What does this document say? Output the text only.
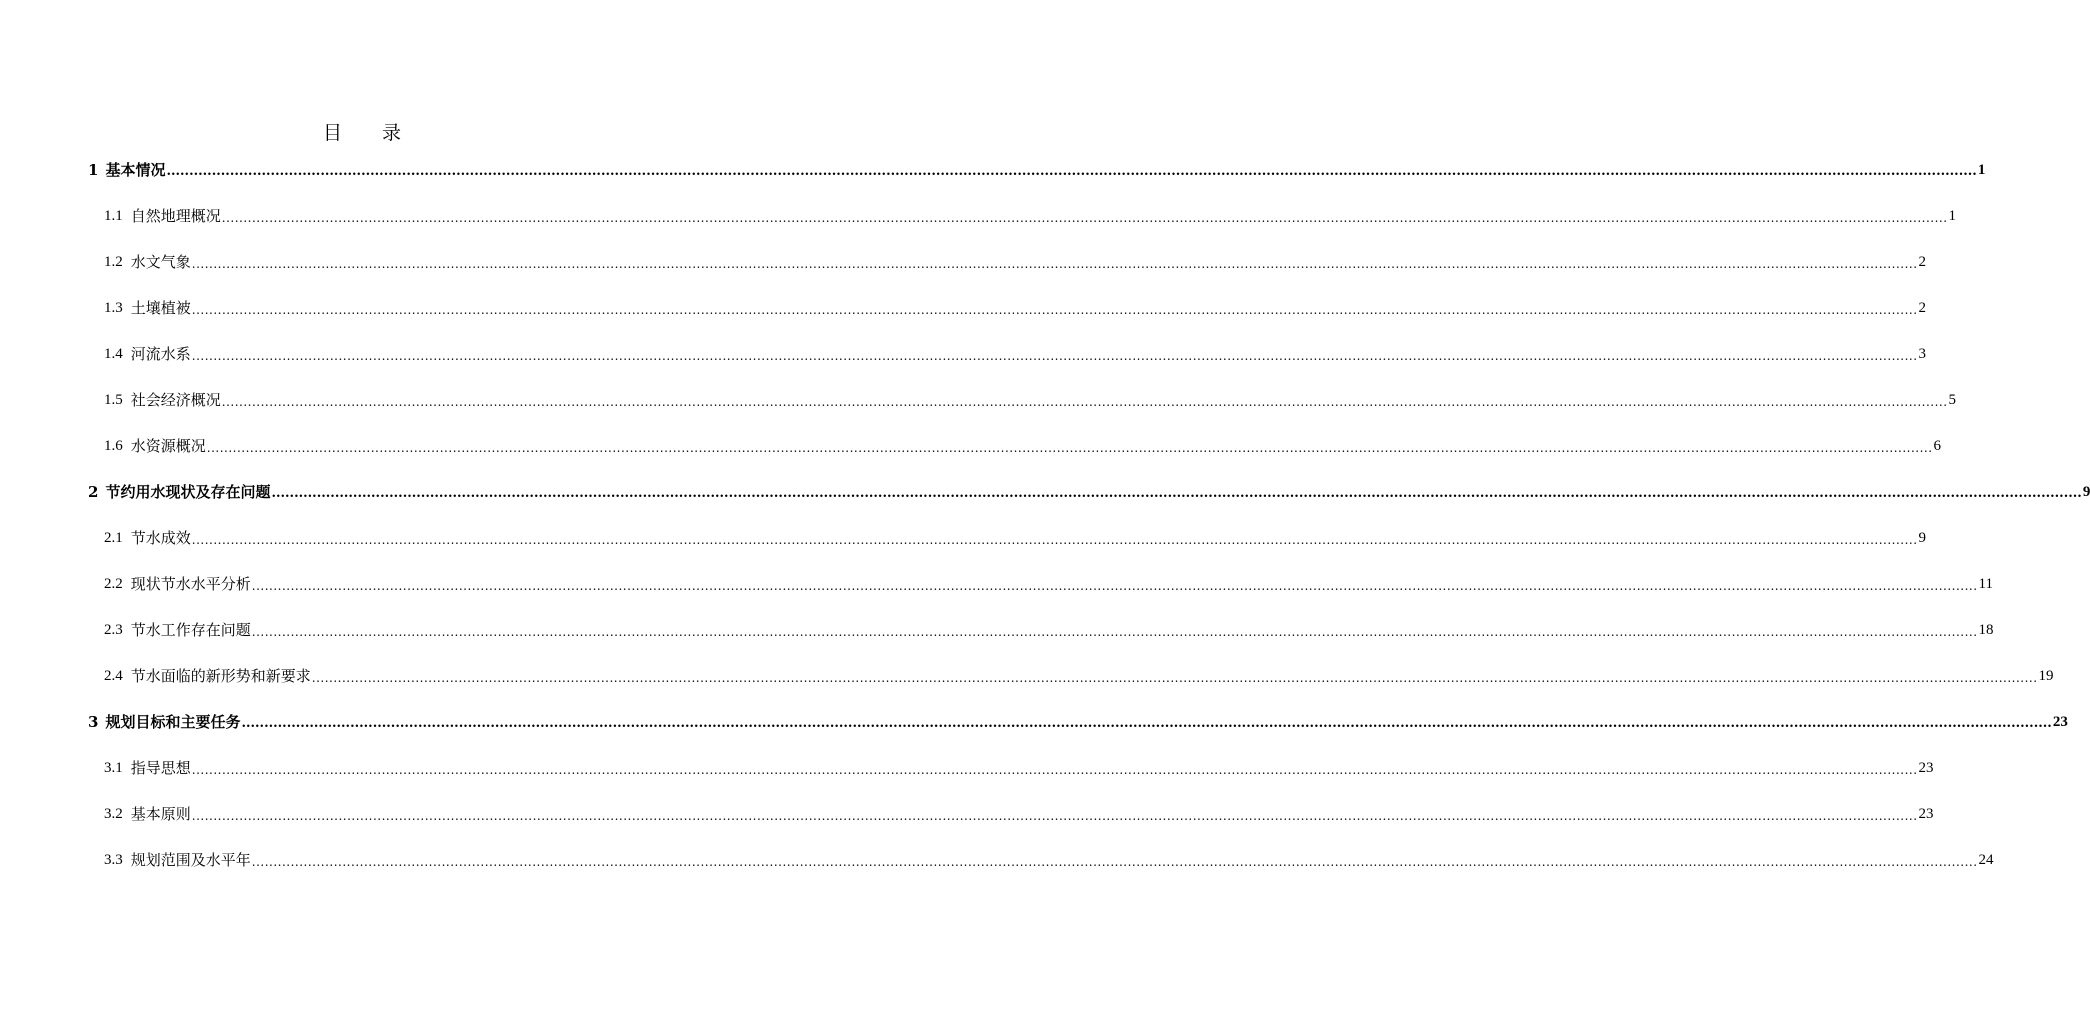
目 录
1 基本情况 ................................................................................................................................................................................................................................................................................................................................................................................................................ 1
1.1 自然地理概况 ................................................................................................................................................................................................................................................................................................................................................................................................................ 1
1.2 水文气象 ................................................................................................................................................................................................................................................................................................................................................................................................................ 2
1.3 土壤植被 ................................................................................................................................................................................................................................................................................................................................................................................................................ 2
1.4 河流水系 ................................................................................................................................................................................................................................................................................................................................................................................................................ 3
1.5 社会经济概况 ................................................................................................................................................................................................................................................................................................................................................................................................................ 5
1.6 水资源概况 ................................................................................................................................................................................................................................................................................................................................................................................................................ 6
2 节约用水现状及存在问题 ................................................................................................................................................................................................................................................................................................................................................................................................................ 9
2.1 节水成效 ................................................................................................................................................................................................................................................................................................................................................................................................................ 9
2.2 现状节水水平分析 ................................................................................................................................................................................................................................................................................................................................................................................................................ 11
2.3 节水工作存在问题 ................................................................................................................................................................................................................................................................................................................................................................................................................ 18
2.4 节水面临的新形势和新要求 ................................................................................................................................................................................................................................................................................................................................................................................................................ 19
3 规划目标和主要任务 ................................................................................................................................................................................................................................................................................................................................................................................................................ 23
3.1 指导思想 ................................................................................................................................................................................................................................................................................................................................................................................................................ 23
3.2 基本原则 ................................................................................................................................................................................................................................................................................................................................................................................................................ 23
3.3 规划范围及水平年 ................................................................................................................................................................................................................................................................................................................................................................................................................ 24
